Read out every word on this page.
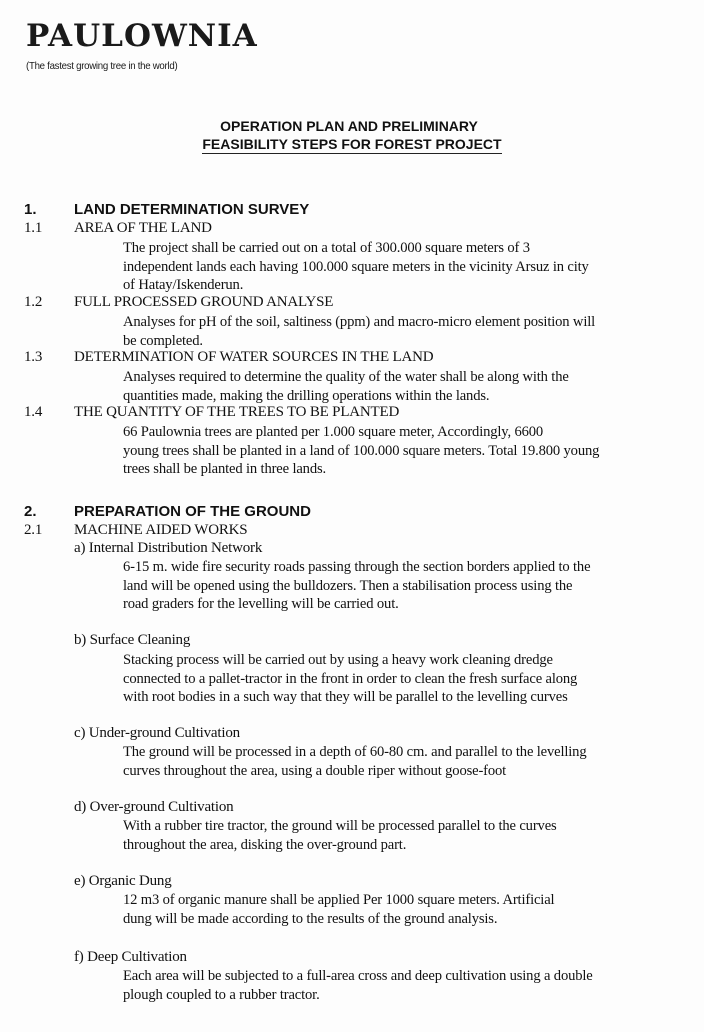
PAULOWNIA
(The fastest growing tree in the world)
OPERATION PLAN AND PRELIMINARY
FEASIBILITY STEPS FOR FOREST PROJECT
1. LAND DETERMINATION SURVEY
1.1 AREA OF THE LAND
The project shall be carried out on a total of 300.000 square meters of 3
independent lands each having 100.000 square meters in the vicinity Arsuz in city
of Hatay/Iskenderun.
1.2 FULL PROCESSED GROUND ANALYSE
Analyses for pH of the soil, saltiness (ppm) and macro-micro element position will
be completed.
1.3 DETERMINATION OF WATER SOURCES IN THE LAND
Analyses required to determine the quality of the water shall be along with the
quantities made, making the drilling operations within the lands.
1.4 THE QUANTITY OF THE TREES TO BE PLANTED
66 Paulownia trees are planted per 1.000 square meter, Accordingly, 6600
young trees shall be planted in a land of 100.000 square meters. Total 19.800 young
trees shall be planted in three lands.
2. PREPARATION OF THE GROUND
2.1 MACHINE AIDED WORKS
a) Internal Distribution Network
6-15 m. wide fire security roads passing through the section borders applied to the
land will be opened using the bulldozers. Then a stabilisation process using the
road graders for the levelling will be carried out.
b) Surface Cleaning
Stacking process will be carried out by using a heavy work cleaning dredge
connected to a pallet-tractor in the front in order to clean the fresh surface along
with root bodies in a such way that they will be parallel to the levelling curves
c) Under-ground Cultivation
The ground will be processed in a depth of 60-80 cm. and parallel to the levelling
curves throughout the area, using a double riper without goose-foot
d) Over-ground Cultivation
With a rubber tire tractor, the ground will be processed parallel to the curves
throughout the area, disking the over-ground part.
e) Organic Dung
12 m3 of organic manure shall be applied Per 1000 square meters. Artificial
dung will be made according to the results of the ground analysis.
f) Deep Cultivation
Each area will be subjected to a full-area cross and deep cultivation using a double
plough coupled to a rubber tractor.
